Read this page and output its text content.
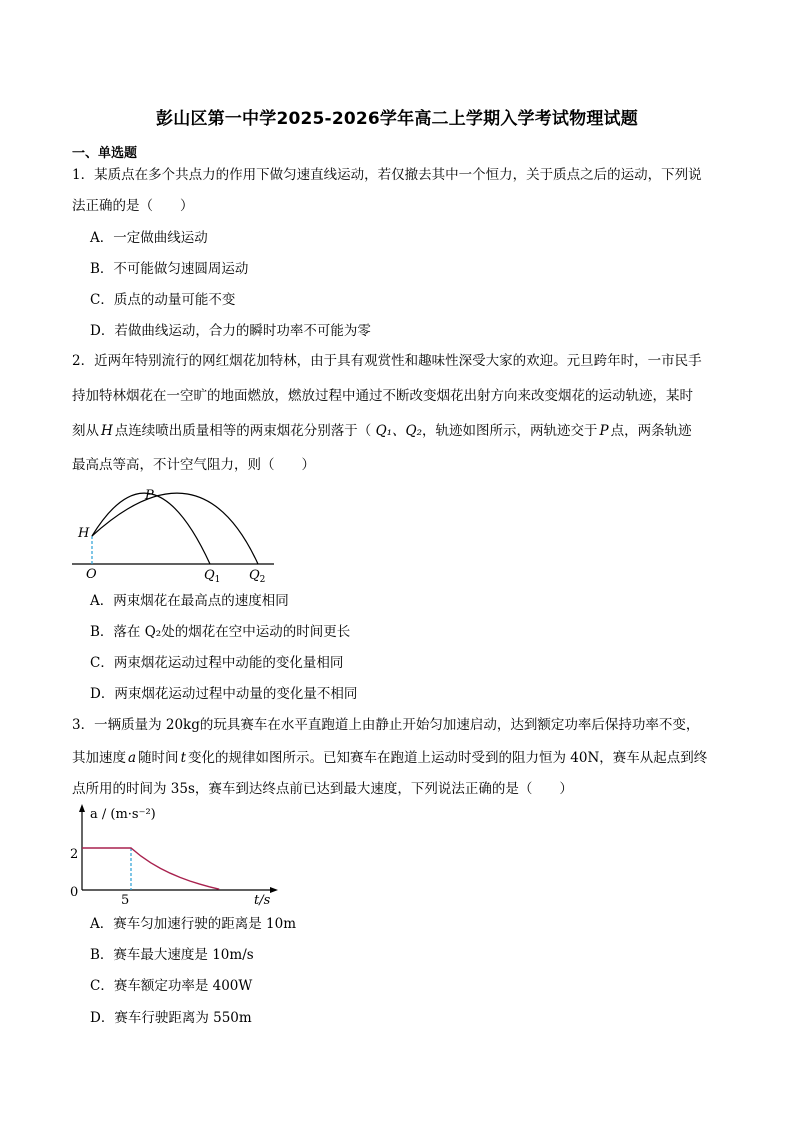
彭山区第一中学2025-2026学年高二上学期入学考试物理试题
一、单选题
1．某质点在多个共点力的作用下做匀速直线运动，若仅撤去其中一个恒力，关于质点之后的运动，下列说
法正确的是（　　）
A．一定做曲线运动
B．不可能做匀速圆周运动
C．质点的动量可能不变
D．若做曲线运动，合力的瞬时功率不可能为零
2．近两年特别流行的网红烟花加特林，由于具有观赏性和趣味性深受大家的欢迎。元旦跨年时，一市民手
持加特林烟花在一空旷的地面燃放，燃放过程中通过不断改变烟花出射方向来改变烟花的运动轨迹，某时
刻从 H 点连续喷出质量相等的两束烟花分别落于（ Q₁、Q₂，轨迹如图所示，两轨迹交于 P 点，两条轨迹
最高点等高，不计空气阻力，则（　　）
H
P
O	$Q_1$ $Q_2$
A．两束烟花在最高点的速度相同
B．落在 Q₂处的烟花在空中运动的时间更长
C．两束烟花运动过程中动能的变化量相同
D．两束烟花运动过程中动量的变化量不相同
3．一辆质量为 20kg的玩具赛车在水平直跑道上由静止开始匀加速启动，达到额定功率后保持功率不变，
其加速度 a 随时间 t 变化的规律如图所示。已知赛车在跑道上运动时受到的阻力恒为 40N，赛车从起点到终
点所用的时间为 35s，赛车到达终点前已达到最大速度，下列说法正确的是（　　）
a / (m·s⁻²)
t/s
0
2
5
A．赛车匀加速行驶的距离是 10m
B．赛车最大速度是 10m/s
C．赛车额定功率是 400W
D．赛车行驶距离为 550m
